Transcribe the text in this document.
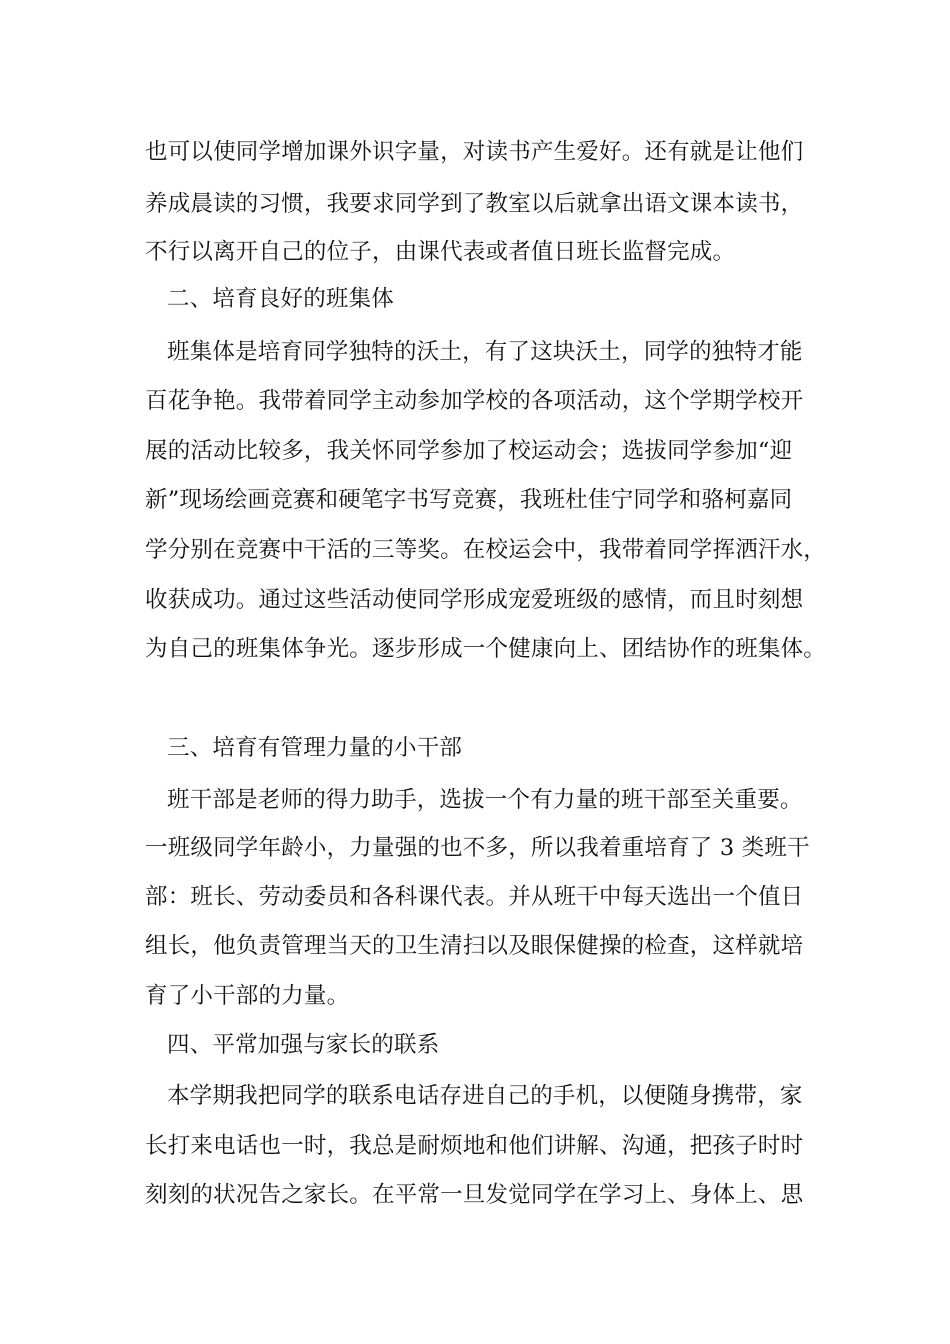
也可以使同学增加课外识字量，对读书产生爱好。还有就是让他们
养成晨读的习惯，我要求同学到了教室以后就拿出语文课本读书，
不行以离开自己的位子，由课代表或者值日班长监督完成。
二、培育良好的班集体
班集体是培育同学独特的沃土，有了这块沃土，同学的独特才能
百花争艳。我带着同学主动参加学校的各项活动，这个学期学校开
展的活动比较多，我关怀同学参加了校运动会；选拔同学参加“迎
新”现场绘画竞赛和硬笔字书写竞赛，我班杜佳宁同学和骆柯嘉同
学分别在竞赛中干活的三等奖。在校运会中，我带着同学挥洒汗水，
收获成功。通过这些活动使同学形成宠爱班级的感情，而且时刻想
为自己的班集体争光。逐步形成一个健康向上、团结协作的班集体。
三、培育有管理力量的小干部
班干部是老师的得力助手，选拔一个有力量的班干部至关重要。
一班级同学年龄小，力量强的也不多，所以我着重培育了 3 类班干
部：班长、劳动委员和各科课代表。并从班干中每天选出一个值日
组长，他负责管理当天的卫生清扫以及眼保健操的检查，这样就培
育了小干部的力量。
四、平常加强与家长的联系
本学期我把同学的联系电话存进自己的手机，以便随身携带，家
长打来电话也一时，我总是耐烦地和他们讲解、沟通，把孩子时时
刻刻的状况告之家长。在平常一旦发觉同学在学习上、身体上、思
